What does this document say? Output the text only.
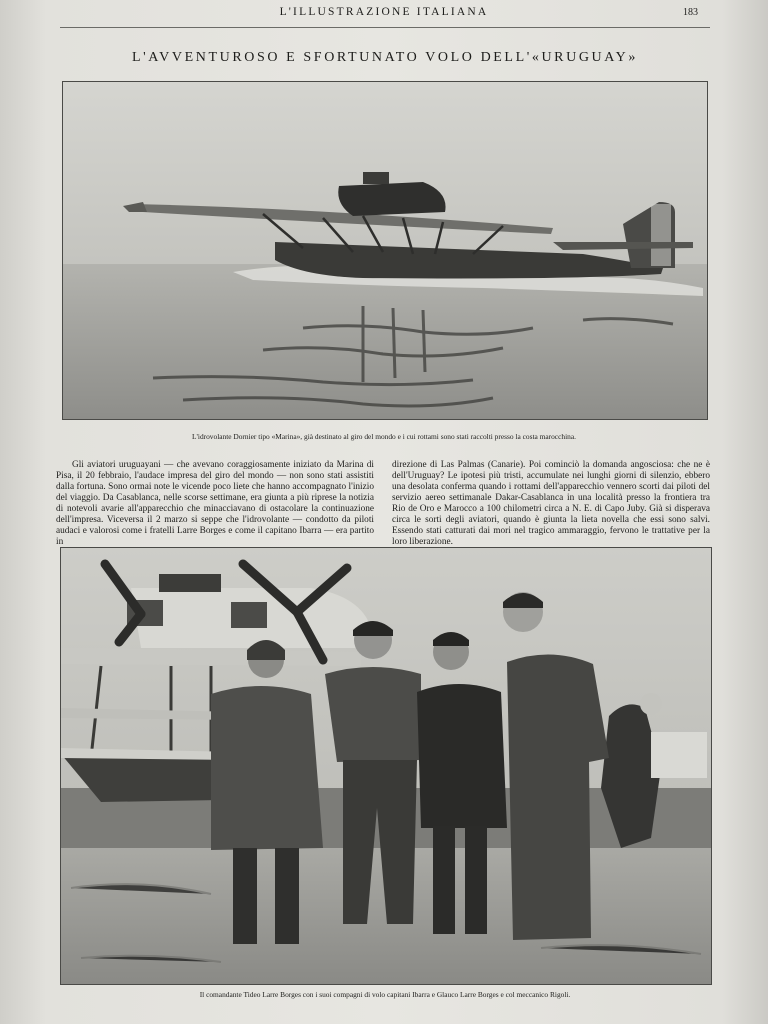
L'ILLUSTRAZIONE ITALIANA	183
L'AVVENTUROSO E SFORTUNATO VOLO DELL'«URUGUAY»
L'idrovolante Dornier tipo «Marina», già destinato al giro del mondo e i cui rottami sono stati raccolti presso la costa marocchina.

Gli aviatori uruguayani — che avevano coraggiosamente iniziato da Marina di Pisa, il 20 febbraio, l'audace impresa del giro del mondo — non sono stati assistiti dalla fortuna. Sono ormai note le vicende poco liete che hanno accompagnato l'inizio del viaggio. Da Casablanca, nelle scorse settimane, era giunta a più riprese la notizia di notevoli avarie all'apparecchio che minacciavano di ostacolare la continuazione dell'impresa. Viceversa il 2 marzo si seppe che l'idrovolante — condotto da piloti audaci e valorosi come i fratelli Larre Borges e come il capitano Ibarra — era partito in

direzione di Las Palmas (Canarie). Poi cominciò la domanda angosciosa: che ne è dell'Uruguay? Le ipotesi più tristi, accumulate nei lunghi giorni di silenzio, ebbero una desolata conferma quando i rottami dell'apparecchio vennero scorti dai piloti del servizio aereo settimanale Dakar-Casablanca in una località presso la frontiera tra Rio de Oro e Marocco a 100 chilometri circa a N. E. di Capo Juby. Già si disperava circa le sorti degli aviatori, quando è giunta la lieta novella che essi sono salvi. Essendo stati catturati dai mori nel tragico ammaraggio, fervono le trattative per la loro liberazione.

Il comandante Tideo Larre Borges con i suoi compagni di volo capitani Ibarra e Glauco Larre Borges e col meccanico Rigoli.
